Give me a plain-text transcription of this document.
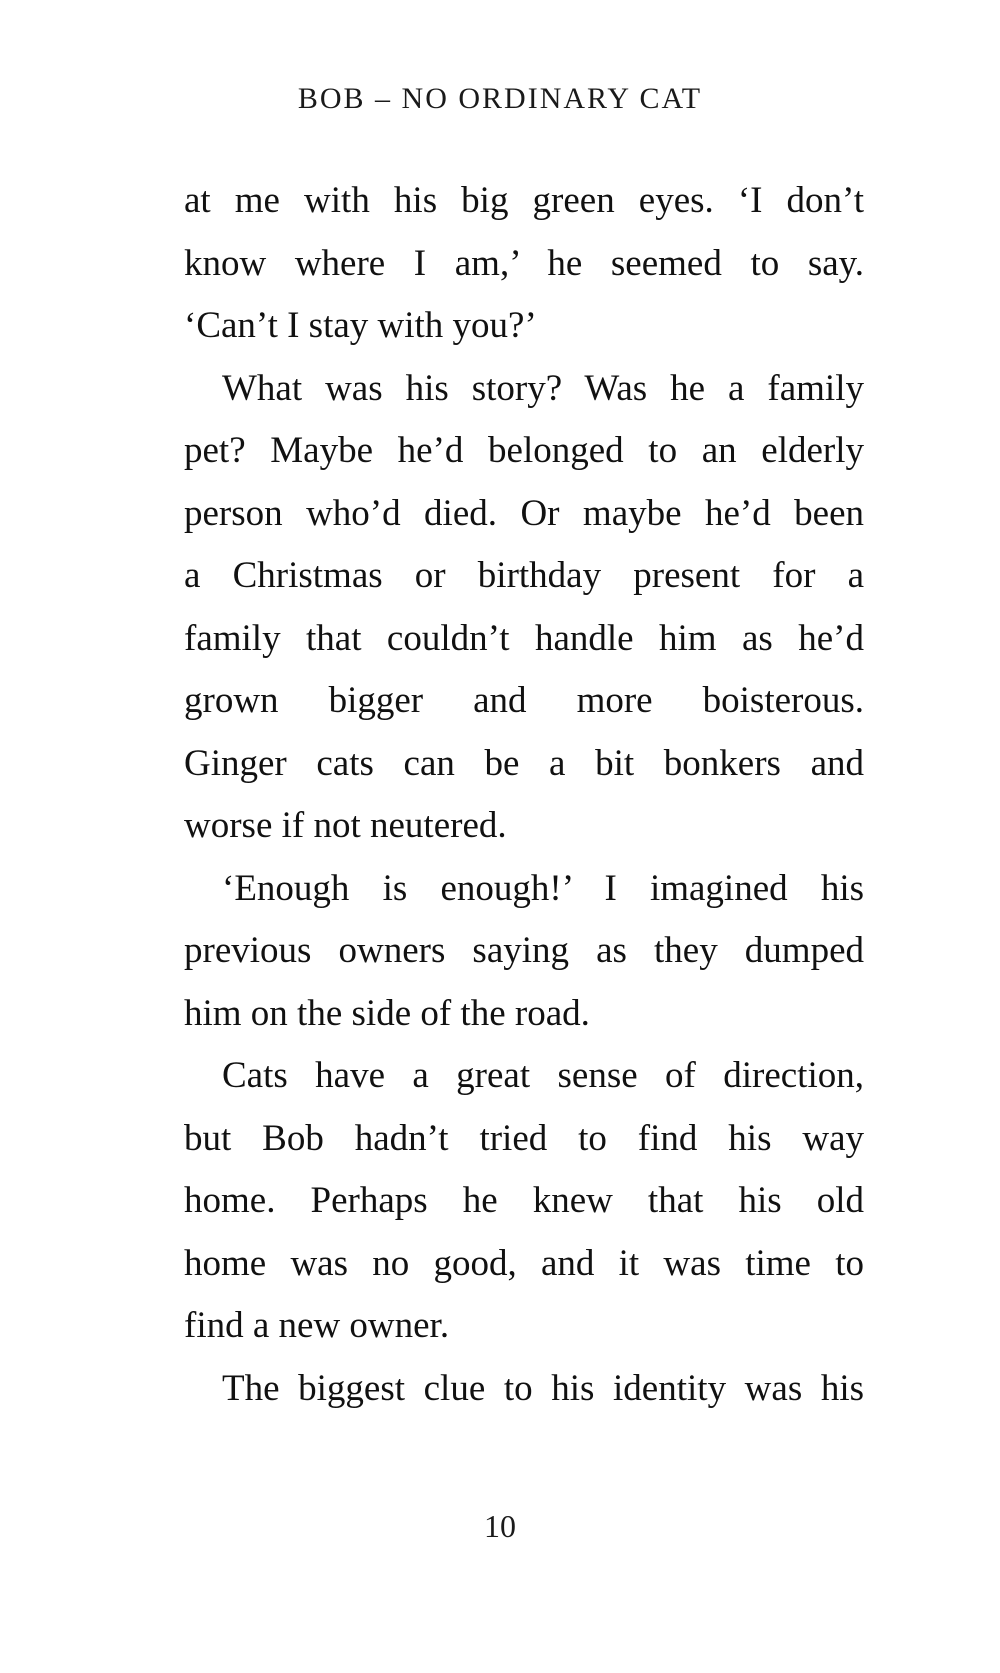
BOB – NO ORDINARY CAT
at me with his big green eyes. ‘I don’t
know where I am,’ he seemed to say.
‘Can’t I stay with you?’
What was his story? Was he a family
pet? Maybe he’d belonged to an elderly
person who’d died. Or maybe he’d been
a Christmas or birthday present for a
family that couldn’t handle him as he’d
grown bigger and more boisterous.
Ginger cats can be a bit bonkers and
worse if not neutered.
‘Enough is enough!’ I imagined his
previous owners saying as they dumped
him on the side of the road.
Cats have a great sense of direction,
but Bob hadn’t tried to find his way
home. Perhaps he knew that his old
home was no good, and it was time to
find a new owner.
The biggest clue to his identity was his
10
